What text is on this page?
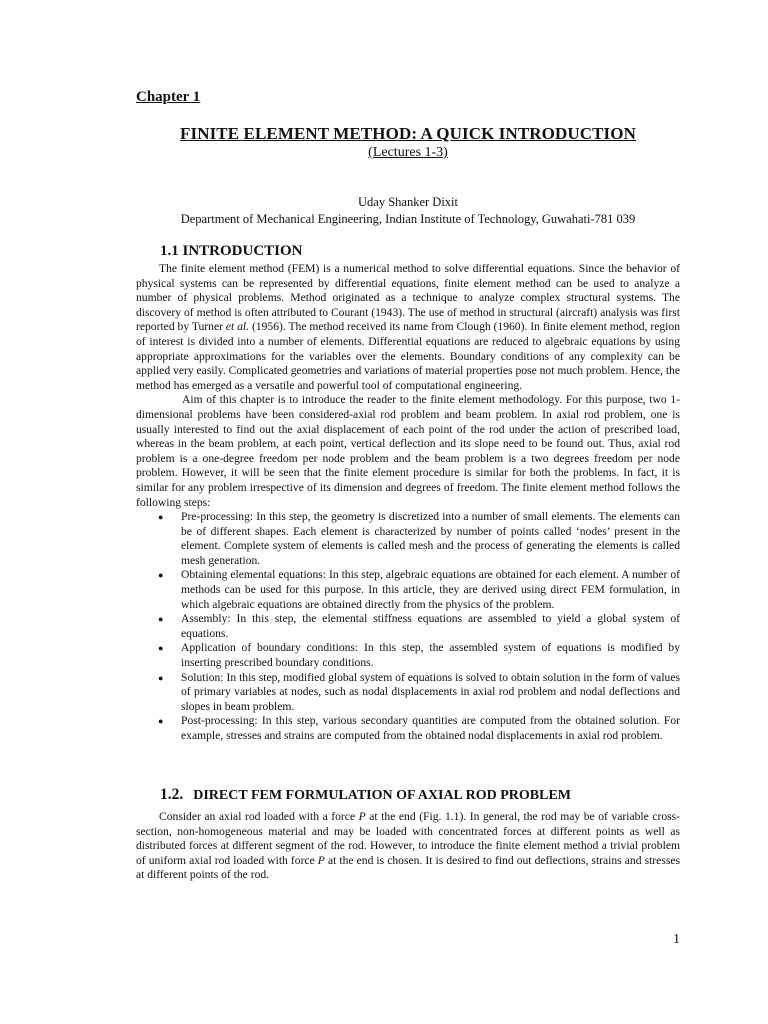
Chapter 1
FINITE ELEMENT METHOD: A QUICK INTRODUCTION
(Lectures 1-3)
Uday Shanker Dixit
Department of Mechanical Engineering, Indian Institute of Technology, Guwahati-781 039
1.1 INTRODUCTION

The finite element method (FEM) is a numerical method to solve differential equations. Since the behavior of physical systems can be represented by differential equations, finite element method can be used to analyze a number of physical problems. Method originated as a technique to analyze complex structural systems. The discovery of method is often attributed to Courant (1943). The use of method in structural (aircraft) analysis was first reported by Turner et al. (1956). The method received its name from Clough (1960). In finite element method, region of interest is divided into a number of elements. Differential equations are reduced to algebraic equations by using appropriate approximations for the variables over the elements. Boundary conditions of any complexity can be applied very easily. Complicated geometries and variations of material properties pose not much problem. Hence, the method has emerged as a versatile and powerful tool of computational engineering.

Aim of this chapter is to introduce the reader to the finite element methodology. For this purpose, two 1-dimensional problems have been considered-axial rod problem and beam problem. In axial rod problem, one is usually interested to find out the axial displacement of each point of the rod under the action of prescribed load, whereas in the beam problem, at each point, vertical deflection and its slope need to be found out. Thus, axial rod problem is a one-degree freedom per node problem and the beam problem is a two degrees freedom per node problem. However, it will be seen that the finite element procedure is similar for both the problems. In fact, it is similar for any problem irrespective of its dimension and degrees of freedom. The finite element method follows the following steps:

● Pre-processing: In this step, the geometry is discretized into a number of small elements. The elements can be of different shapes. Each element is characterized by number of points called ‘nodes’ present in the element. Complete system of elements is called mesh and the process of generating the elements is called mesh generation.
● Obtaining elemental equations: In this step, algebraic equations are obtained for each element. A number of methods can be used for this purpose. In this article, they are derived using direct FEM formulation, in which algebraic equations are obtained directly from the physics of the problem.
● Assembly: In this step, the elemental stiffness equations are assembled to yield a global system of equations.
● Application of boundary conditions: In this step, the assembled system of equations is modified by inserting prescribed boundary conditions.
● Solution: In this step, modified global system of equations is solved to obtain solution in the form of values of primary variables at nodes, such as nodal displacements in axial rod problem and nodal deflections and slopes in beam problem.
● Post-processing: In this step, various secondary quantities are computed from the obtained solution. For example, stresses and strains are computed from the obtained nodal displacements in axial rod problem.
1.2. DIRECT FEM FORMULATION OF AXIAL ROD PROBLEM

Consider an axial rod loaded with a force P at the end (Fig. 1.1). In general, the rod may be of variable cross-section, non-homogeneous material and may be loaded with concentrated forces at different points as well as distributed forces at different segment of the rod. However, to introduce the finite element method a trivial problem of uniform axial rod loaded with force P at the end is chosen. It is desired to find out deflections, strains and stresses at different points of the rod.

1
